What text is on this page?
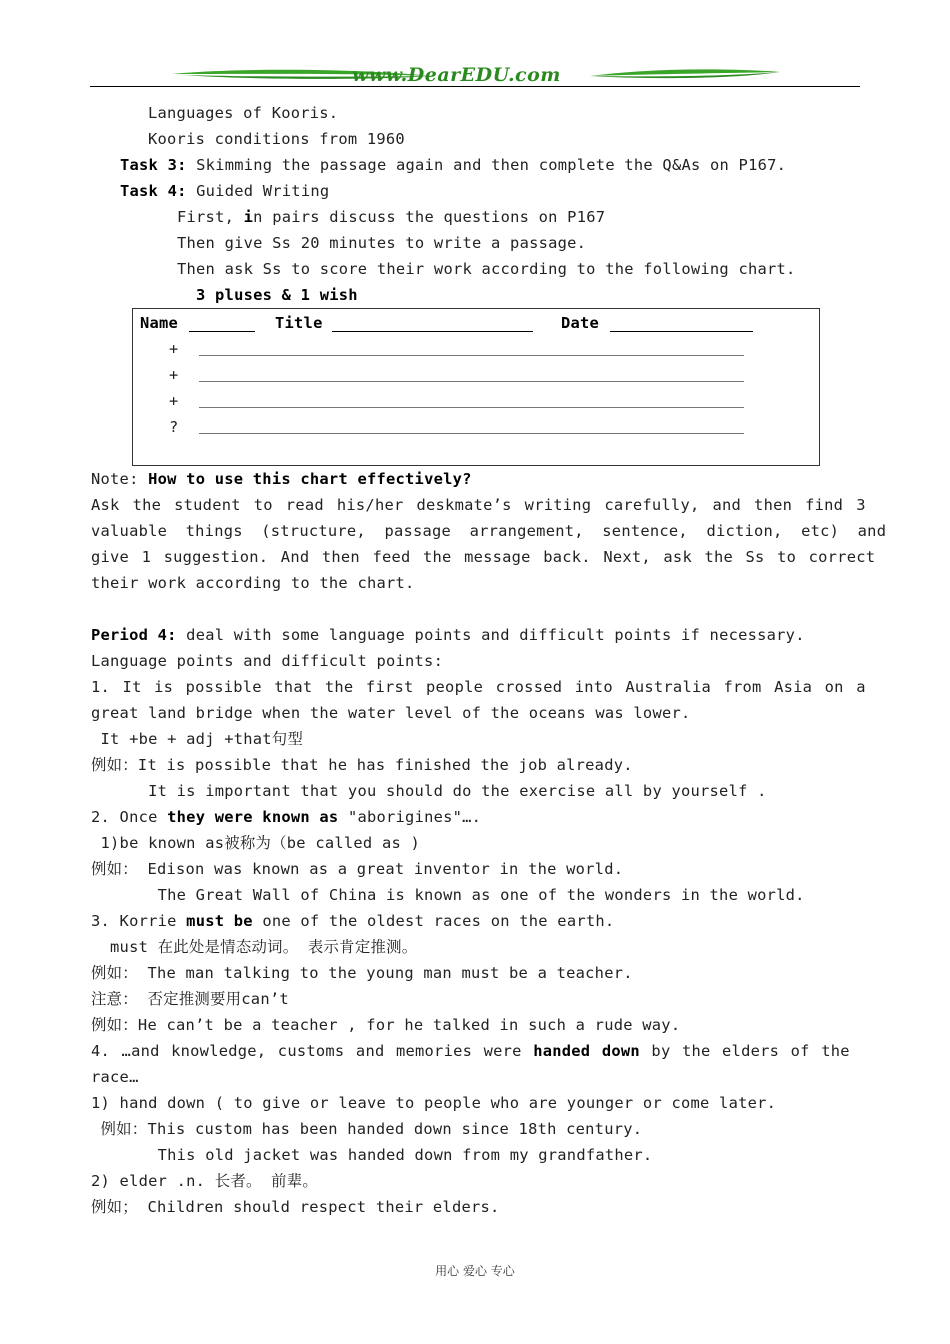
www.DearEDU.com
Languages of Kooris.
Kooris conditions from 1960
Task 3: Skimming the passage again and then complete the Q&As on P167.
Task 4: Guided Writing
First, in pairs discuss the questions on P167
Then give Ss 20 minutes to write a passage.
Then ask Ss to score their work according to the following chart.
3 pluses & 1 wish
Name	Title	Date
+
+
+
?
Note: How to use this chart effectively?
Ask the student to read his/her deskmate’s writing carefully, and then find 3
valuable things (structure, passage arrangement, sentence, diction, etc) and
give 1 suggestion. And then feed the message back. Next, ask the Ss to correct
their work according to the chart.
Period 4: deal with some language points and difficult points if necessary.
Language points and difficult points:
1. It is possible that the first people crossed into Australia from Asia on a
great land bridge when the water level of the oceans was lower.
It +be + adj +that句型
例如：It is possible that he has finished the job already.
It is important that you should do the exercise all by yourself .
2. Once they were known as "aborigines"….
1)be known as被称为（be called as )
例如： Edison was known as a great inventor in the world.
The Great Wall of China is known as one of the wonders in the world.
3. Korrie must be one of the oldest races on the earth.
must 在此处是情态动词。 表示肯定推测。
例如： The man talking to the young man must be a teacher.
注意： 否定推测要用can’t
例如：He can’t be a teacher , for he talked in such a rude way.
4. …and knowledge, customs and memories were handed down by the elders of the
race…
1) hand down ( to give or leave to people who are younger or come later.
例如：This custom has been handed down since 18th century.
This old jacket was handed down from my grandfather.
2) elder .n. 长者。 前辈。
例如； Children should respect their elders.
用心 爱心 专心
